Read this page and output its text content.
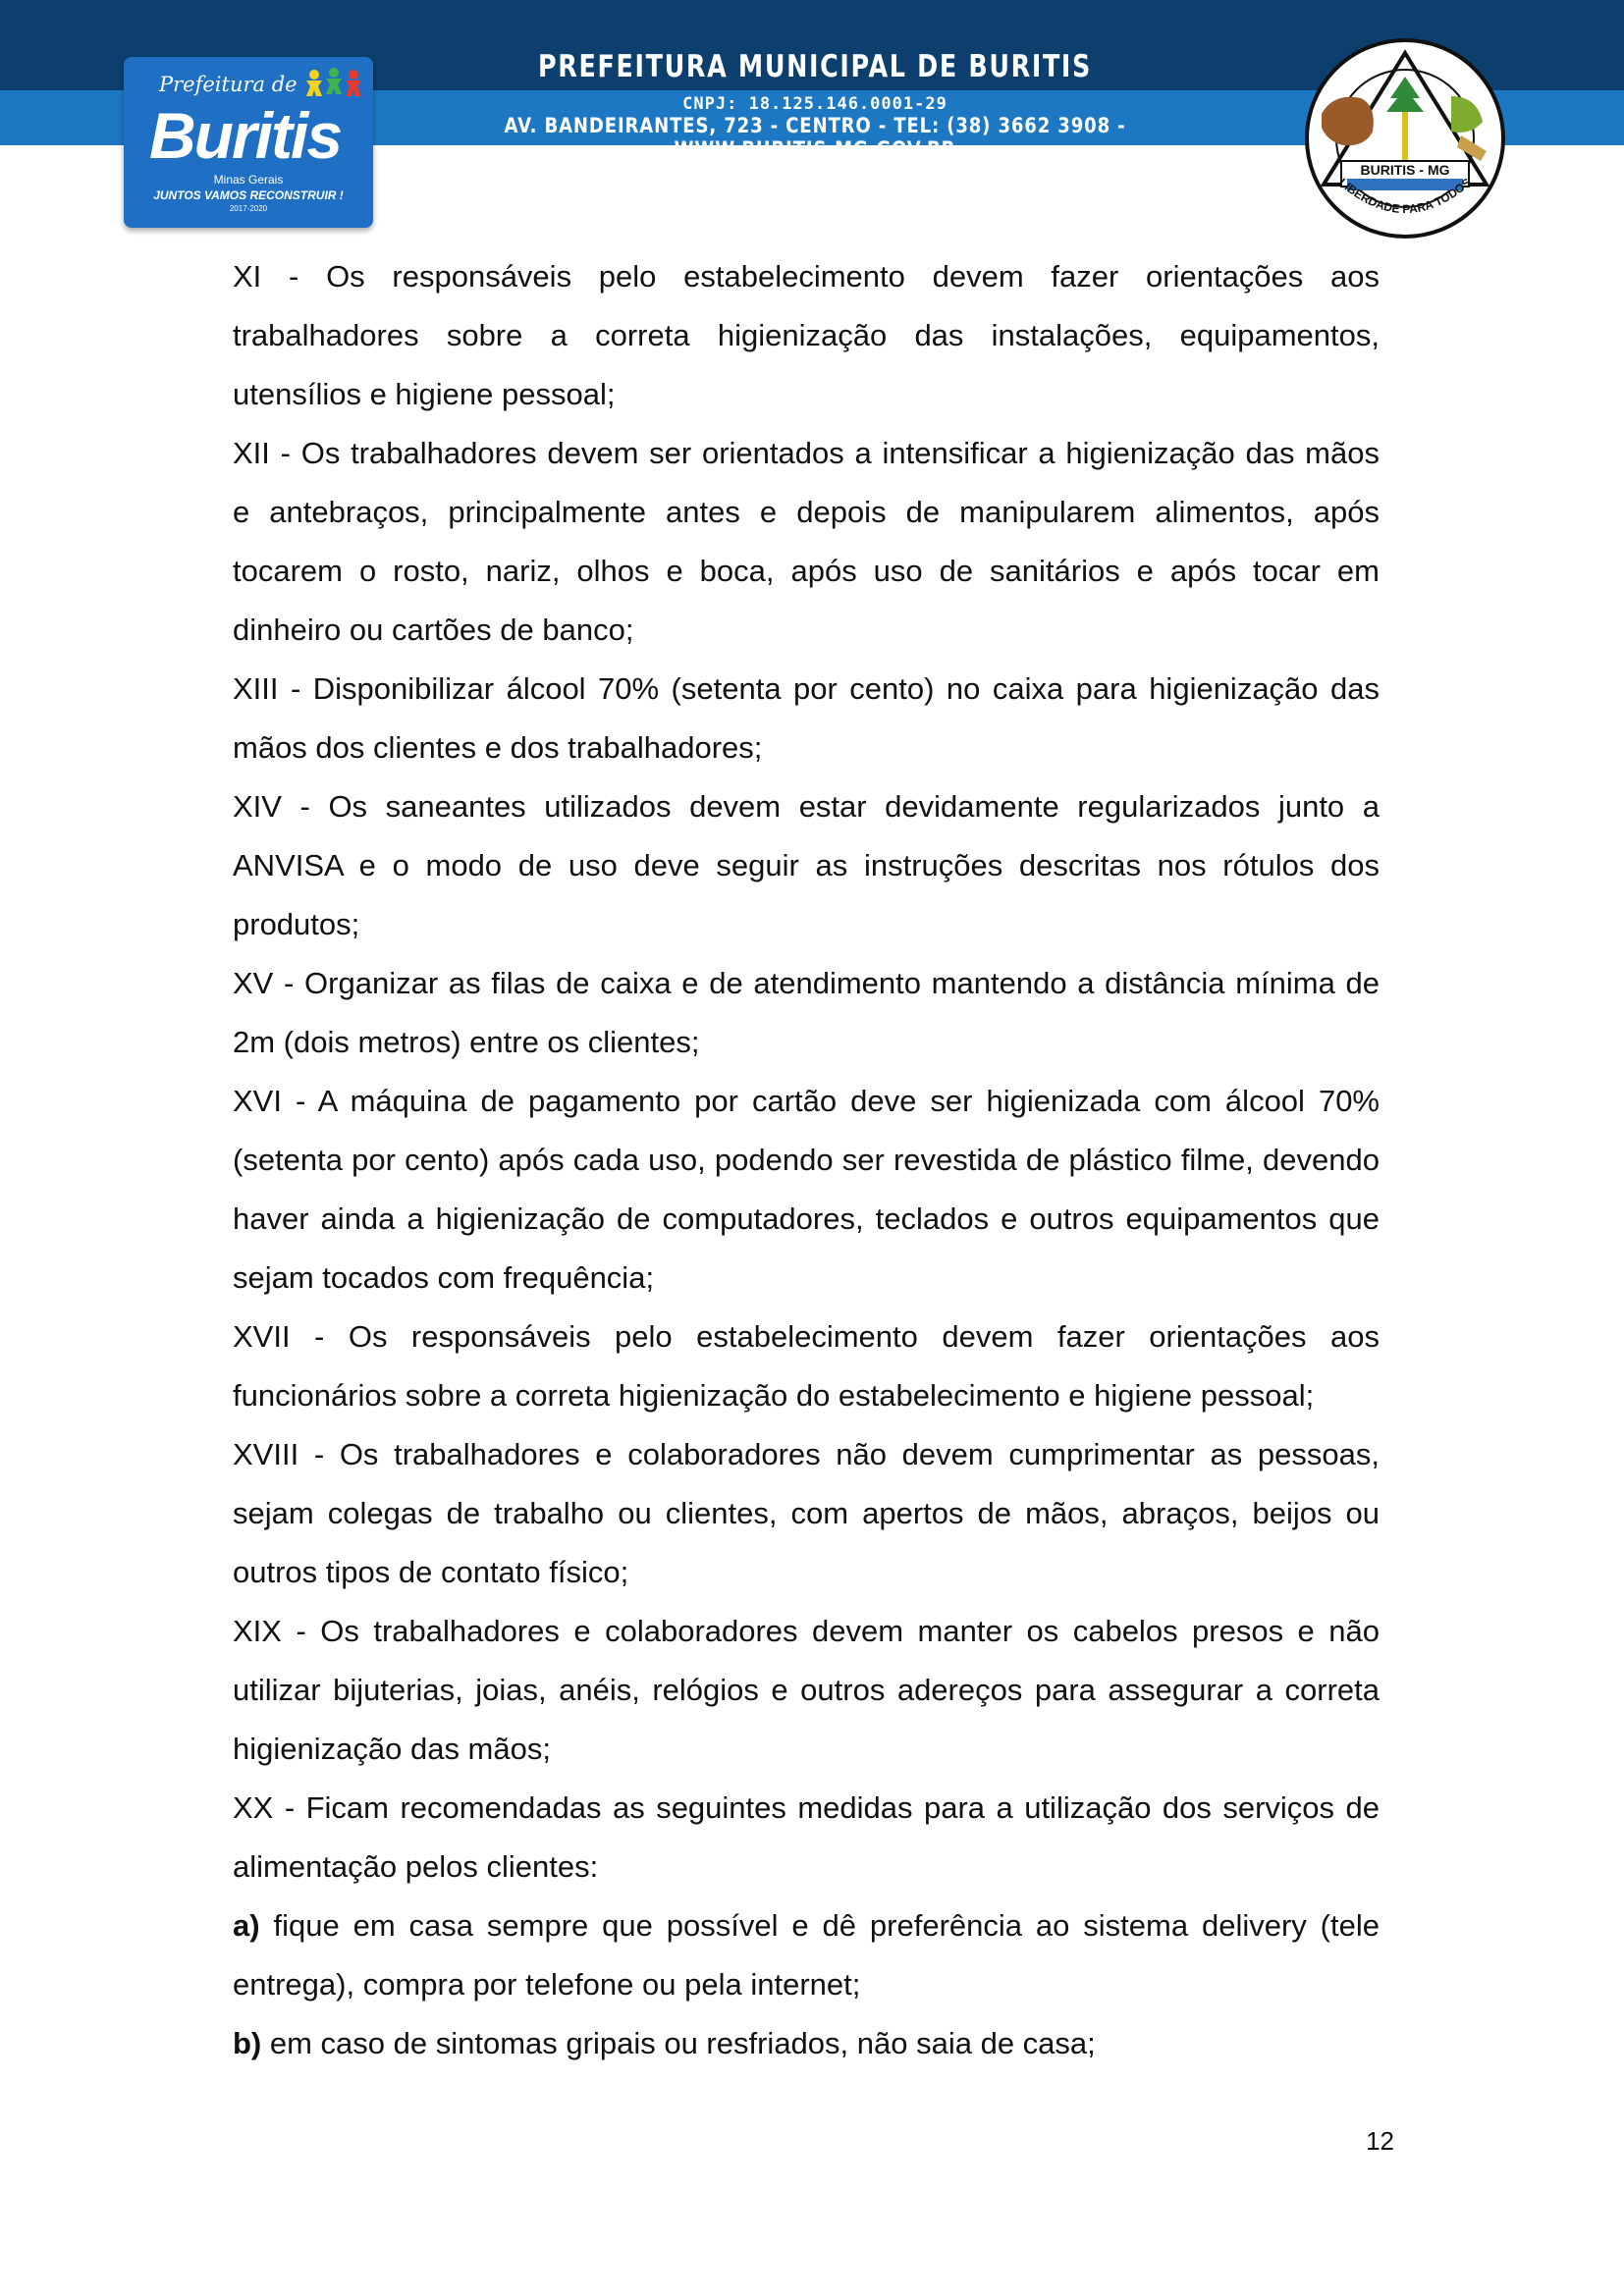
PREFEITURA MUNICIPAL DE BURITIS
CNPJ: 18.125.146.0001-29
AV. BANDEIRANTES, 723 - CENTRO - TEL: (38) 3662 3908 - WWW.BURITIS.MG.GOV.BR
Prefeitura de
Buritis
Minas Gerais
JUNTOS VAMOS RECONSTRUIR !
2017-2020
BURITIS - MG
LIBERDADE PARA TODOS

XI - Os responsáveis pelo estabelecimento devem fazer orientações aos trabalhadores sobre a correta higienização das instalações, equipamentos, utensílios e higiene pessoal;

XII - Os trabalhadores devem ser orientados a intensificar a higienização das mãos e antebraços, principalmente antes e depois de manipularem alimentos, após tocarem o rosto, nariz, olhos e boca, após uso de sanitários e após tocar em dinheiro ou cartões de banco;

XIII - Disponibilizar álcool 70% (setenta por cento) no caixa para higienização das mãos dos clientes e dos trabalhadores;

XIV - Os saneantes utilizados devem estar devidamente regularizados junto a ANVISA e o modo de uso deve seguir as instruções descritas nos rótulos dos produtos;

XV - Organizar as filas de caixa e de atendimento mantendo a distância mínima de 2m (dois metros) entre os clientes;

XVI - A máquina de pagamento por cartão deve ser higienizada com álcool 70% (setenta por cento) após cada uso, podendo ser revestida de plástico filme, devendo haver ainda a higienização de computadores, teclados e outros equipamentos que sejam tocados com frequência;

XVII - Os responsáveis pelo estabelecimento devem fazer orientações aos funcionários sobre a correta higienização do estabelecimento e higiene pessoal;

XVIII - Os trabalhadores e colaboradores não devem cumprimentar as pessoas, sejam colegas de trabalho ou clientes, com apertos de mãos, abraços, beijos ou outros tipos de contato físico;

XIX - Os trabalhadores e colaboradores devem manter os cabelos presos e não utilizar bijuterias, joias, anéis, relógios e outros adereços para assegurar a correta higienização das mãos;

XX - Ficam recomendadas as seguintes medidas para a utilização dos serviços de alimentação pelos clientes:

a) fique em casa sempre que possível e dê preferência ao sistema delivery (tele entrega), compra por telefone ou pela internet;

b) em caso de sintomas gripais ou resfriados, não saia de casa;

12
